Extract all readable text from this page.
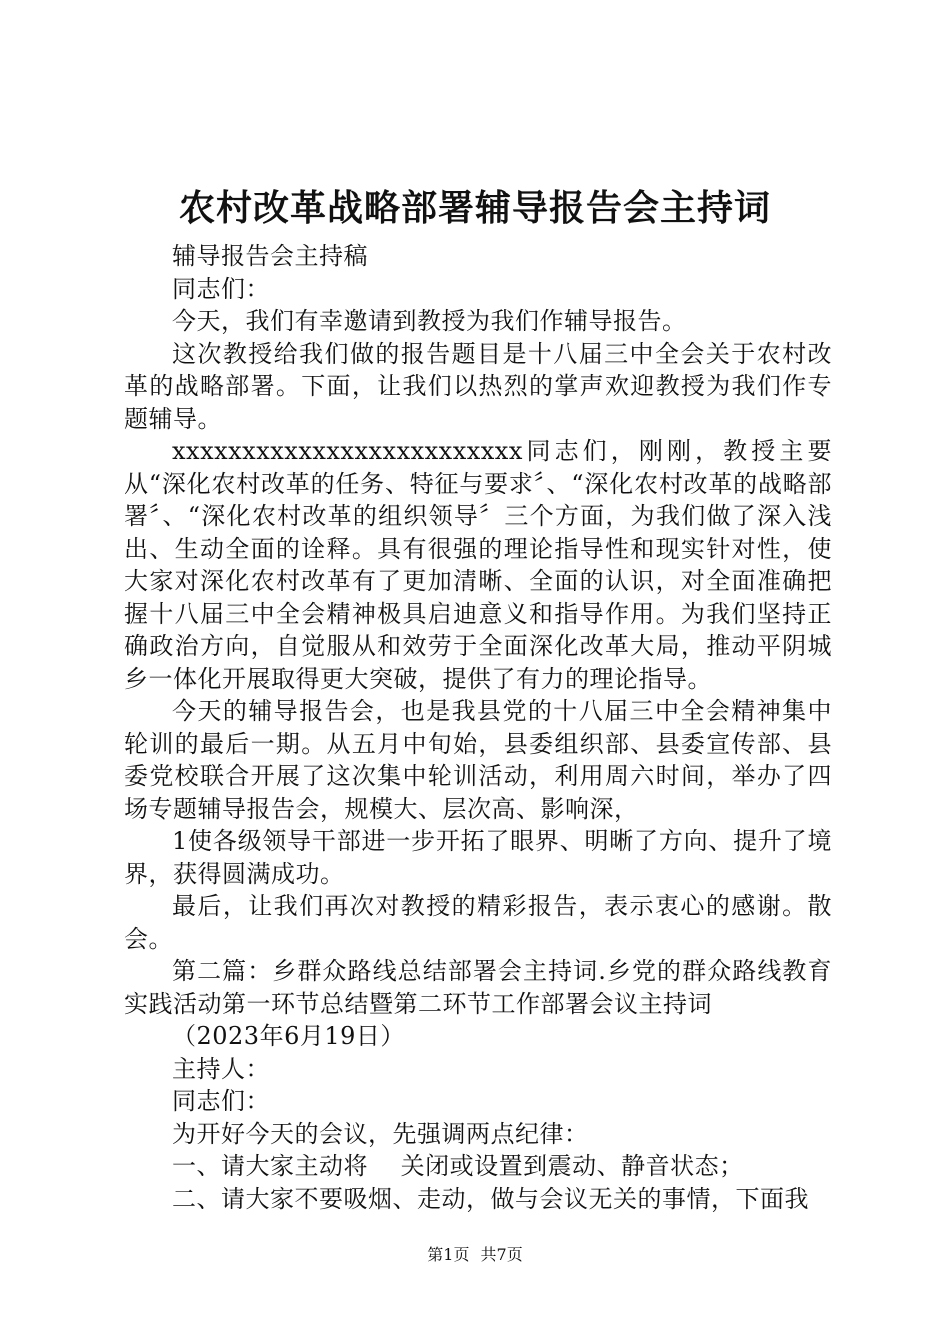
农村改革战略部署辅导报告会主持词

辅导报告会主持稿

同志们：

今天，我们有幸邀请到教授为我们作辅导报告。

这次教授给我们做的报告题目是十八届三中全会关于农村改革的战略部署。下面，让我们以热烈的掌声欢迎教授为我们作专题辅导。

xxxxxxxxxxxxxxxxxxxxxxxxx同志们，刚刚，教授主要从“深化农村改革的任务、特征与要求〞、“深化农村改革的战略部署〞、“深化农村改革的组织领导〞三个方面，为我们做了深入浅出、生动全面的诠释。具有很强的理论指导性和现实针对性，使大家对深化农村改革有了更加清晰、全面的认识，对全面准确把握十八届三中全会精神极具启迪意义和指导作用。为我们坚持正确政治方向，自觉服从和效劳于全面深化改革大局，推动平阴城乡一体化开展取得更大突破，提供了有力的理论指导。

今天的辅导报告会，也是我县党的十八届三中全会精神集中轮训的最后一期。从五月中旬始，县委组织部、县委宣传部、县委党校联合开展了这次集中轮训活动，利用周六时间，举办了四场专题辅导报告会，规模大、层次高、影响深，

1使各级领导干部进一步开拓了眼界、明晰了方向、提升了境界，获得圆满成功。

最后，让我们再次对教授的精彩报告，表示衷心的感谢。散会。

第二篇：乡群众路线总结部署会主持词.乡党的群众路线教育实践活动第一环节总结暨第二环节工作部署会议主持词

（2023年6月19日）

主持人：

同志们：

为开好今天的会议，先强调两点纪律：

一、请大家主动将　 关闭或设置到震动、静音状态；

二、请大家不要吸烟、走动，做与会议无关的事情，下面我

第1页 共7页
